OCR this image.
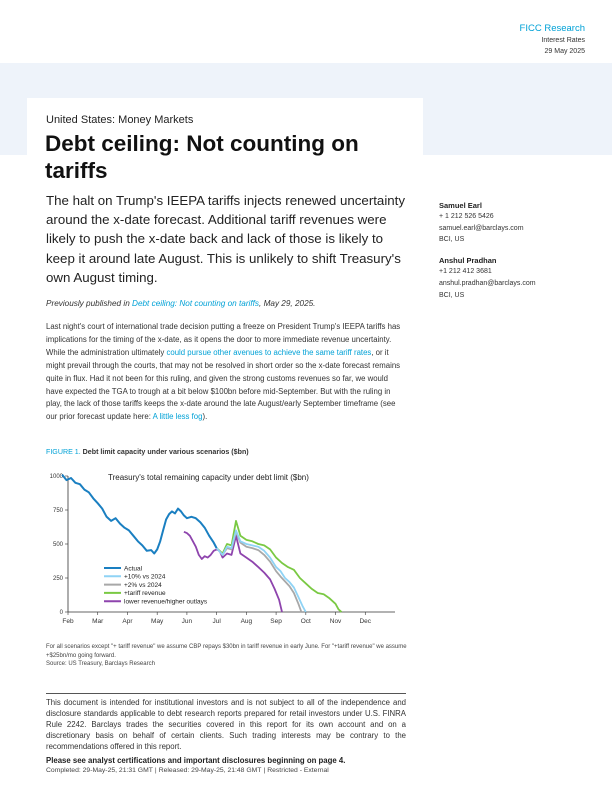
FICC Research
Interest Rates
29 May 2025
United States: Money Markets
Debt ceiling: Not counting on tariffs

The halt on Trump's IEEPA tariffs injects renewed uncertainty around the x-date forecast. Additional tariff revenues were likely to push the x-date back and lack of those is likely to keep it around late August. This is unlikely to shift Treasury's own August timing.

Samuel Earl
+ 1 212 526 5426
samuel.earl@barclays.com
BCI, US
Anshul Pradhan
+1 212 412 3681
anshul.pradhan@barclays.com
BCI, US

Previously published in Debt ceiling: Not counting on tariffs, May 29, 2025.

Last night's court of international trade decision putting a freeze on President Trump's IEEPA tariffs has implications for the timing of the x-date, as it opens the door to more immediate revenue uncertainty. While the administration ultimately could pursue other avenues to achieve the same tariff rates, or it might prevail through the courts, that may not be resolved in short order so the x-date forecast remains quite in flux. Had it not been for this ruling, and given the strong customs revenues so far, we would have expected the TGA to trough at a bit below $100bn before mid-September. But with the ruling in play, the lack of those tariffs keeps the x-date around the late August/early September timeframe (see our prior forecast update here: A little less fog).

FIGURE 1. Debt limit capacity under various scenarios ($bn)
0
250
500
750
1000
Feb	Mar	Apr	May	Jun	Jul	Aug	Sep	Oct	Nov	Dec
Actual
+10% vs 2024
+2% vs 2024
+tariff revenue
lower revenue/higher outlays
Treasury's total remaining capacity under debt limit ($bn)
For all scenarios except "+ tariff revenue" we assume CBP repays $30bn in tariff revenue in early June. For "+tariff revenue" we assume +$25bn/mo going forward.
Source: US Treasury, Barclays Research

This document is intended for institutional investors and is not subject to all of the independence and disclosure standards applicable to debt research reports prepared for retail investors under U.S. FINRA Rule 2242. Barclays trades the securities covered in this report for its own account and on a discretionary basis on behalf of certain clients. Such trading interests may be contrary to the recommendations offered in this report.

Please see analyst certifications and important disclosures beginning on page 4.
Completed: 29-May-25, 21:31 GMT | Released: 29-May-25, 21:48 GMT | Restricted - External
